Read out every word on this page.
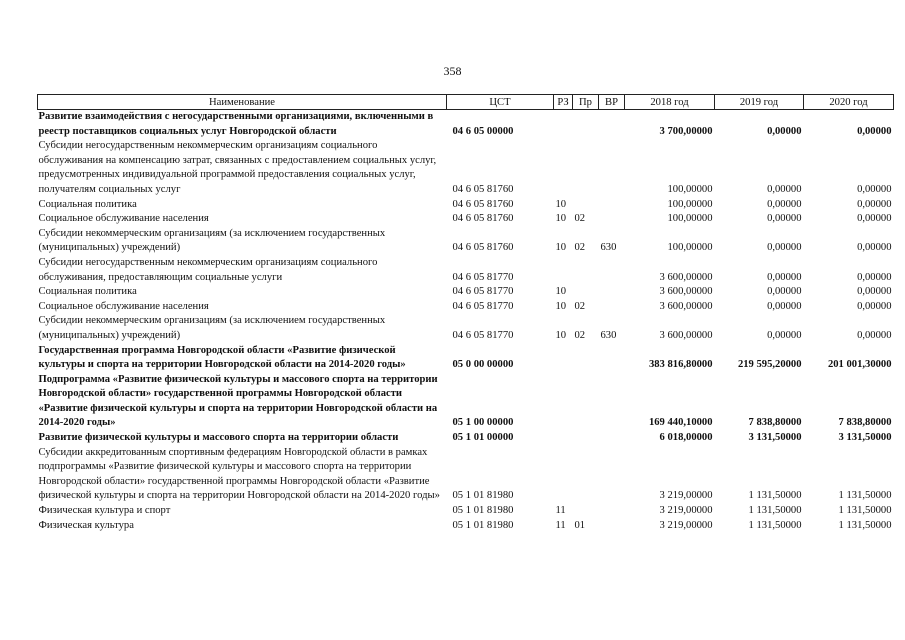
358
Наименование	ЦСТ	РЗ	Пр	ВР	2018 год	2019 год	2020 год
Развитие взаимодействия с негосударственными организациями, включенными в реестр поставщиков социальных услуг Новгородской области	04 6 05 00000				3 700,00000	0,00000	0,00000
Субсидии негосударственным некоммерческим организациям социального обслуживания на компенсацию затрат, связанных с предоставлением социальных услуг, предусмотренных индивидуальной программой предоставления социальных услуг, получателям социальных услуг	04 6 05 81760				100,00000	0,00000	0,00000
Социальная политика	04 6 05 81760	10			100,00000	0,00000	0,00000
Социальное обслуживание населения	04 6 05 81760	10	02		100,00000	0,00000	0,00000
Субсидии некоммерческим организациям (за исключением государственных (муниципальных) учреждений)	04 6 05 81760	10	02	630	100,00000	0,00000	0,00000
Субсидии негосударственным некоммерческим организациям социального обслуживания, предоставляющим социальные услуги	04 6 05 81770				3 600,00000	0,00000	0,00000
Социальная политика	04 6 05 81770	10			3 600,00000	0,00000	0,00000
Социальное обслуживание населения	04 6 05 81770	10	02		3 600,00000	0,00000	0,00000
Субсидии некоммерческим организациям (за исключением государственных (муниципальных) учреждений)	04 6 05 81770	10	02	630	3 600,00000	0,00000	0,00000
Государственная программа Новгородской области «Развитие физической культуры и спорта на территории Новгородской области на 2014-2020 годы»	05 0 00 00000				383 816,80000	219 595,20000	201 001,30000
Подпрограмма «Развитие физической культуры и массового спорта на территории Новгородской области» государственной программы Новгородской области «Развитие физической культуры и спорта на территории Новгородской области на 2014-2020 годы»	05 1 00 00000				169 440,10000	7 838,80000	7 838,80000
Развитие физической культуры и массового спорта на территории области	05 1 01 00000				6 018,00000	3 131,50000	3 131,50000
Субсидии аккредитованным спортивным федерациям Новгородской области в рамках подпрограммы «Развитие физической культуры и массового спорта на территории Новгородской области» государственной программы Новгородской области «Развитие физической культуры и спорта на территории Новгородской области на 2014-2020 годы»	05 1 01 81980				3 219,00000	1 131,50000	1 131,50000
Физическая культура и спорт	05 1 01 81980	11			3 219,00000	1 131,50000	1 131,50000
Физическая культура	05 1 01 81980	11	01		3 219,00000	1 131,50000	1 131,50000
